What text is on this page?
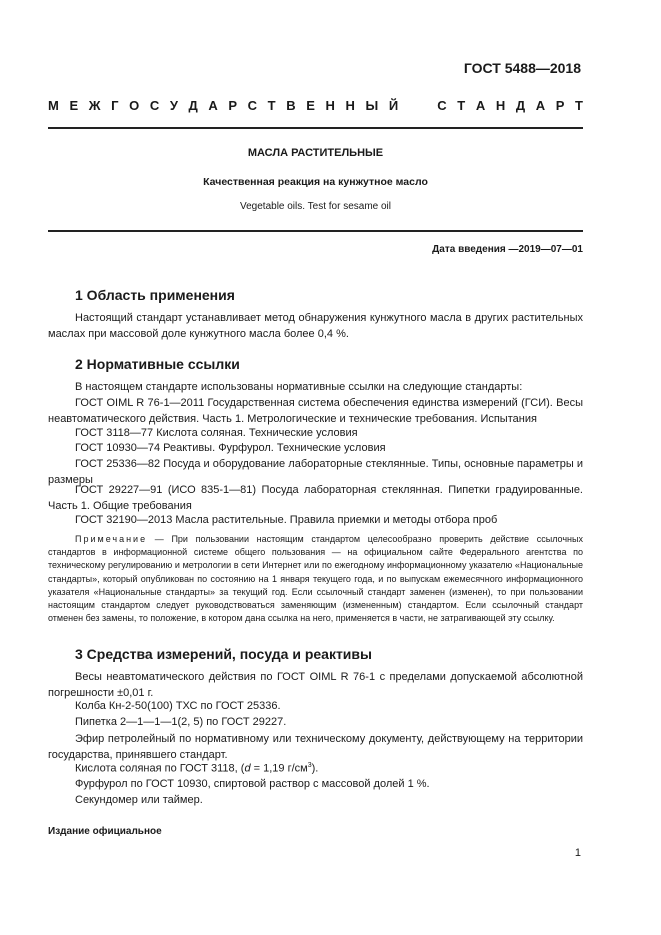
ГОСТ 5488—2018
М Е Ж Г О С У Д А Р С Т В Е Н Н Ы Й

	С Т А Н Д А Р Т
МАСЛА РАСТИТЕЛЬНЫЕ
Качественная реакция на кунжутное масло
Vegetable oils. Test for sesame oil
Дата введения —2019—07—01
1 Область применения
Настоящий стандарт устанавливает метод обнаружения кунжутного масла в других растительных маслах при массовой доле кунжутного масла более 0,4 %.
2 Нормативные ссылки
В настоящем стандарте использованы нормативные ссылки на следующие стандарты:
ГОСТ OIML R 76-1—2011 Государственная система обеспечения единства измерений (ГСИ). Весы неавтоматического действия. Часть 1. Метрологические и технические требования. Испытания
ГОСТ 3118—77 Кислота соляная. Технические условия
ГОСТ 10930—74 Реактивы. Фурфурол. Технические условия
ГОСТ 25336—82 Посуда и оборудование лабораторные стеклянные. Типы, основные параметры и размеры
ГОСТ 29227—91 (ИСО 835-1—81) Посуда лабораторная стеклянная. Пипетки градуированные. Часть 1. Общие требования
ГОСТ 32190—2013 Масла растительные. Правила приемки и методы отбора проб
Примечание — При пользовании настоящим стандартом целесообразно проверить действие ссылочных стандартов в информационной системе общего пользования — на официальном сайте Федерального агентства по техническому регулированию и метрологии в сети Интернет или по ежегодному информационному указателю «Национальные стандарты», который опубликован по состоянию на 1 января текущего года, и по выпускам ежемесячного информационного указателя «Национальные стандарты» за текущий год. Если ссылочный стандарт заменен (изменен), то при пользовании настоящим стандартом следует руководствоваться заменяющим (измененным) стандартом. Если ссылочный стандарт отменен без замены, то положение, в котором дана ссылка на него, применяется в части, не затрагивающей эту ссылку.
3 Средства измерений, посуда и реактивы
Весы неавтоматического действия по ГОСТ OIML R 76-1 с пределами допускаемой абсолютной погрешности ±0,01 г.
Колба Кн-2-50(100) ТХС по ГОСТ 25336.
Пипетка 2—1—1—1(2, 5) по ГОСТ 29227.
Эфир петролейный по нормативному или техническому документу, действующему на территории государства, принявшего стандарт.
Кислота соляная по ГОСТ 3118, (d = 1,19 $г/см^3$).
Фурфурол по ГОСТ 10930, спиртовой раствор с массовой долей 1 %.
Секундомер или таймер.
Издание официальное
1
